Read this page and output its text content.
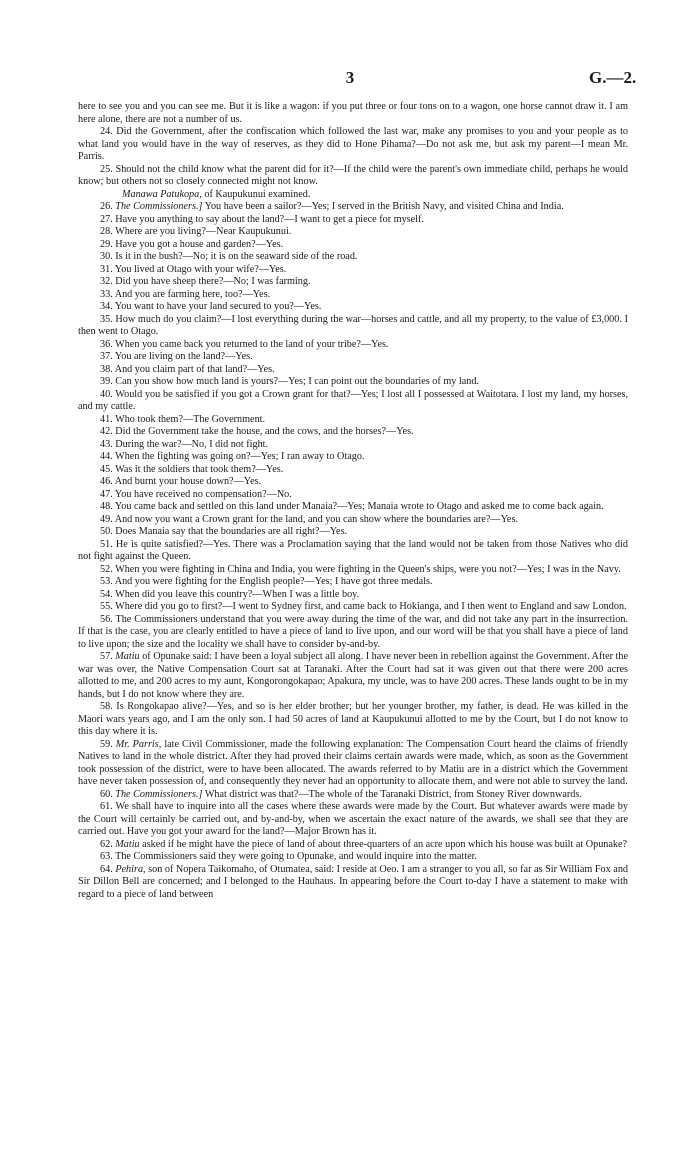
3	G.—2.

here to see you and you can see me. But it is like a wagon: if you put three or four tons on to a wagon, one horse cannot draw it. I am here alone, there are not a number of us.

24. Did the Government, after the confiscation which followed the last war, make any promises to you and your people as to what land you would have in the way of reserves, as they did to Hone Pihama?—Do not ask me, but ask my parent—I mean Mr. Parris.

25. Should not the child know what the parent did for it?—If the child were the parent's own immediate child, perhaps he would know; but others not so closely connected might not know.

Manawa Patukopa, of Kaupukunui examined.

26. The Commissioners.] You have been a sailor?—Yes; I served in the British Navy, and visited China and India.

27. Have you anything to say about the land?—I want to get a piece for myself.

28. Where are you living?—Near Kaupukunui.

29. Have you got a house and garden?—Yes.

30. Is it in the bush?—No; it is on the seaward side of the road.

31. You lived at Otago with your wife?—Yes.

32. Did you have sheep there?—No; I was farming.

33. And you are farming here, too?—Yes.

34. You want to have your land secured to you?—Yes.

35. How much do you claim?—I lost everything during the war—horses and cattle, and all my property, to the value of £3,000. I then went to Otago.

36. When you came back you returned to the land of your tribe?—Yes.

37. You are living on the land?—Yes.

38. And you claim part of that land?—Yes.

39. Can you show how much land is yours?—Yes; I can point out the boundaries of my land.

40. Would you be satisfied if you got a Crown grant for that?—Yes; I lost all I possessed at Waitotara. I lost my land, my horses, and my cattle.

41. Who took them?—The Government.

42. Did the Government take the house, and the cows, and the horses?—Yes.

43. During the war?—No, I did not fight.

44. When the fighting was going on?—Yes; I ran away to Otago.

45. Was it the soldiers that took them?—Yes.

46. And burnt your house down?—Yes.

47. You have received no compensation?—No.

48. You came back and settled on this land under Manaia?—Yes; Manaia wrote to Otago and asked me to come back again.

49. And now you want a Crown grant for the land, and you can show where the boundaries are?—Yes.

50. Does Manaia say that the boundaries are all right?—Yes.

51. He is quite satisfied?—Yes. There was a Proclamation saying that the land would not be taken from those Natives who did not fight against the Queen.

52. When you were fighting in China and India, you were fighting in the Queen's ships, were you not?—Yes; I was in the Navy.

53. And you were fighting for the English people?—Yes; I have got three medals.

54. When did you leave this country?—When I was a little boy.

55. Where did you go to first?—I went to Sydney first, and came back to Hokianga, and I then went to England and saw London.

56. The Commissioners understand that you were away during the time of the war, and did not take any part in the insurrection. If that is the case, you are clearly entitled to have a piece of land to live upon, and our word will be that you shall have a piece of land to live upon; the size and the locality we shall have to consider by-and-by.

57. Matiu of Opunake said: I have been a loyal subject all along. I have never been in rebellion against the Government. After the war was over, the Native Compensation Court sat at Taranaki. After the Court had sat it was given out that there were 200 acres allotted to me, and 200 acres to my aunt, Kongorongokapao; Apakura, my uncle, was to have 200 acres. These lands ought to be in my hands, but I do not know where they are.

58. Is Rongokapao alive?—Yes, and so is her elder brother; but her younger brother, my father, is dead. He was killed in the Maori wars years ago, and I am the only son. I had 50 acres of land at Kaupukunui allotted to me by the Court, but I do not know to this day where it is.

59. Mr. Parris, late Civil Commissioner, made the following explanation: The Compensation Court heard the claims of friendly Natives to land in the whole district. After they had proved their claims certain awards were made, which, as soon as the Government took possession of the district, were to have been allocated. The awards referred to by Matiu are in a district which the Government have never taken possession of, and consequently they never had an opportunity to allocate them, and were not able to survey the land.

60. The Commissioners.] What district was that?—The whole of the Taranaki District, from Stoney River downwards.

61. We shall have to inquire into all the cases where these awards were made by the Court. But whatever awards were made by the Court will certainly be carried out, and by-and-by, when we ascertain the exact nature of the awards, we shall see that they are carried out. Have you got your award for the land?—Major Brown has it.

62. Matiu asked if he might have the piece of land of about three-quarters of an acre upon which his house was built at Opunake?

63. The Commissioners said they were going to Opunake, and would inquire into the matter.

64. Pehira, son of Nopera Taikomaho, of Otumatea, said: I reside at Oeo. I am a stranger to you all, so far as Sir William Fox and Sir Dillon Bell are concerned; and I belonged to the Hauhaus. In appearing before the Court to-day I have a statement to make with regard to a piece of land between
